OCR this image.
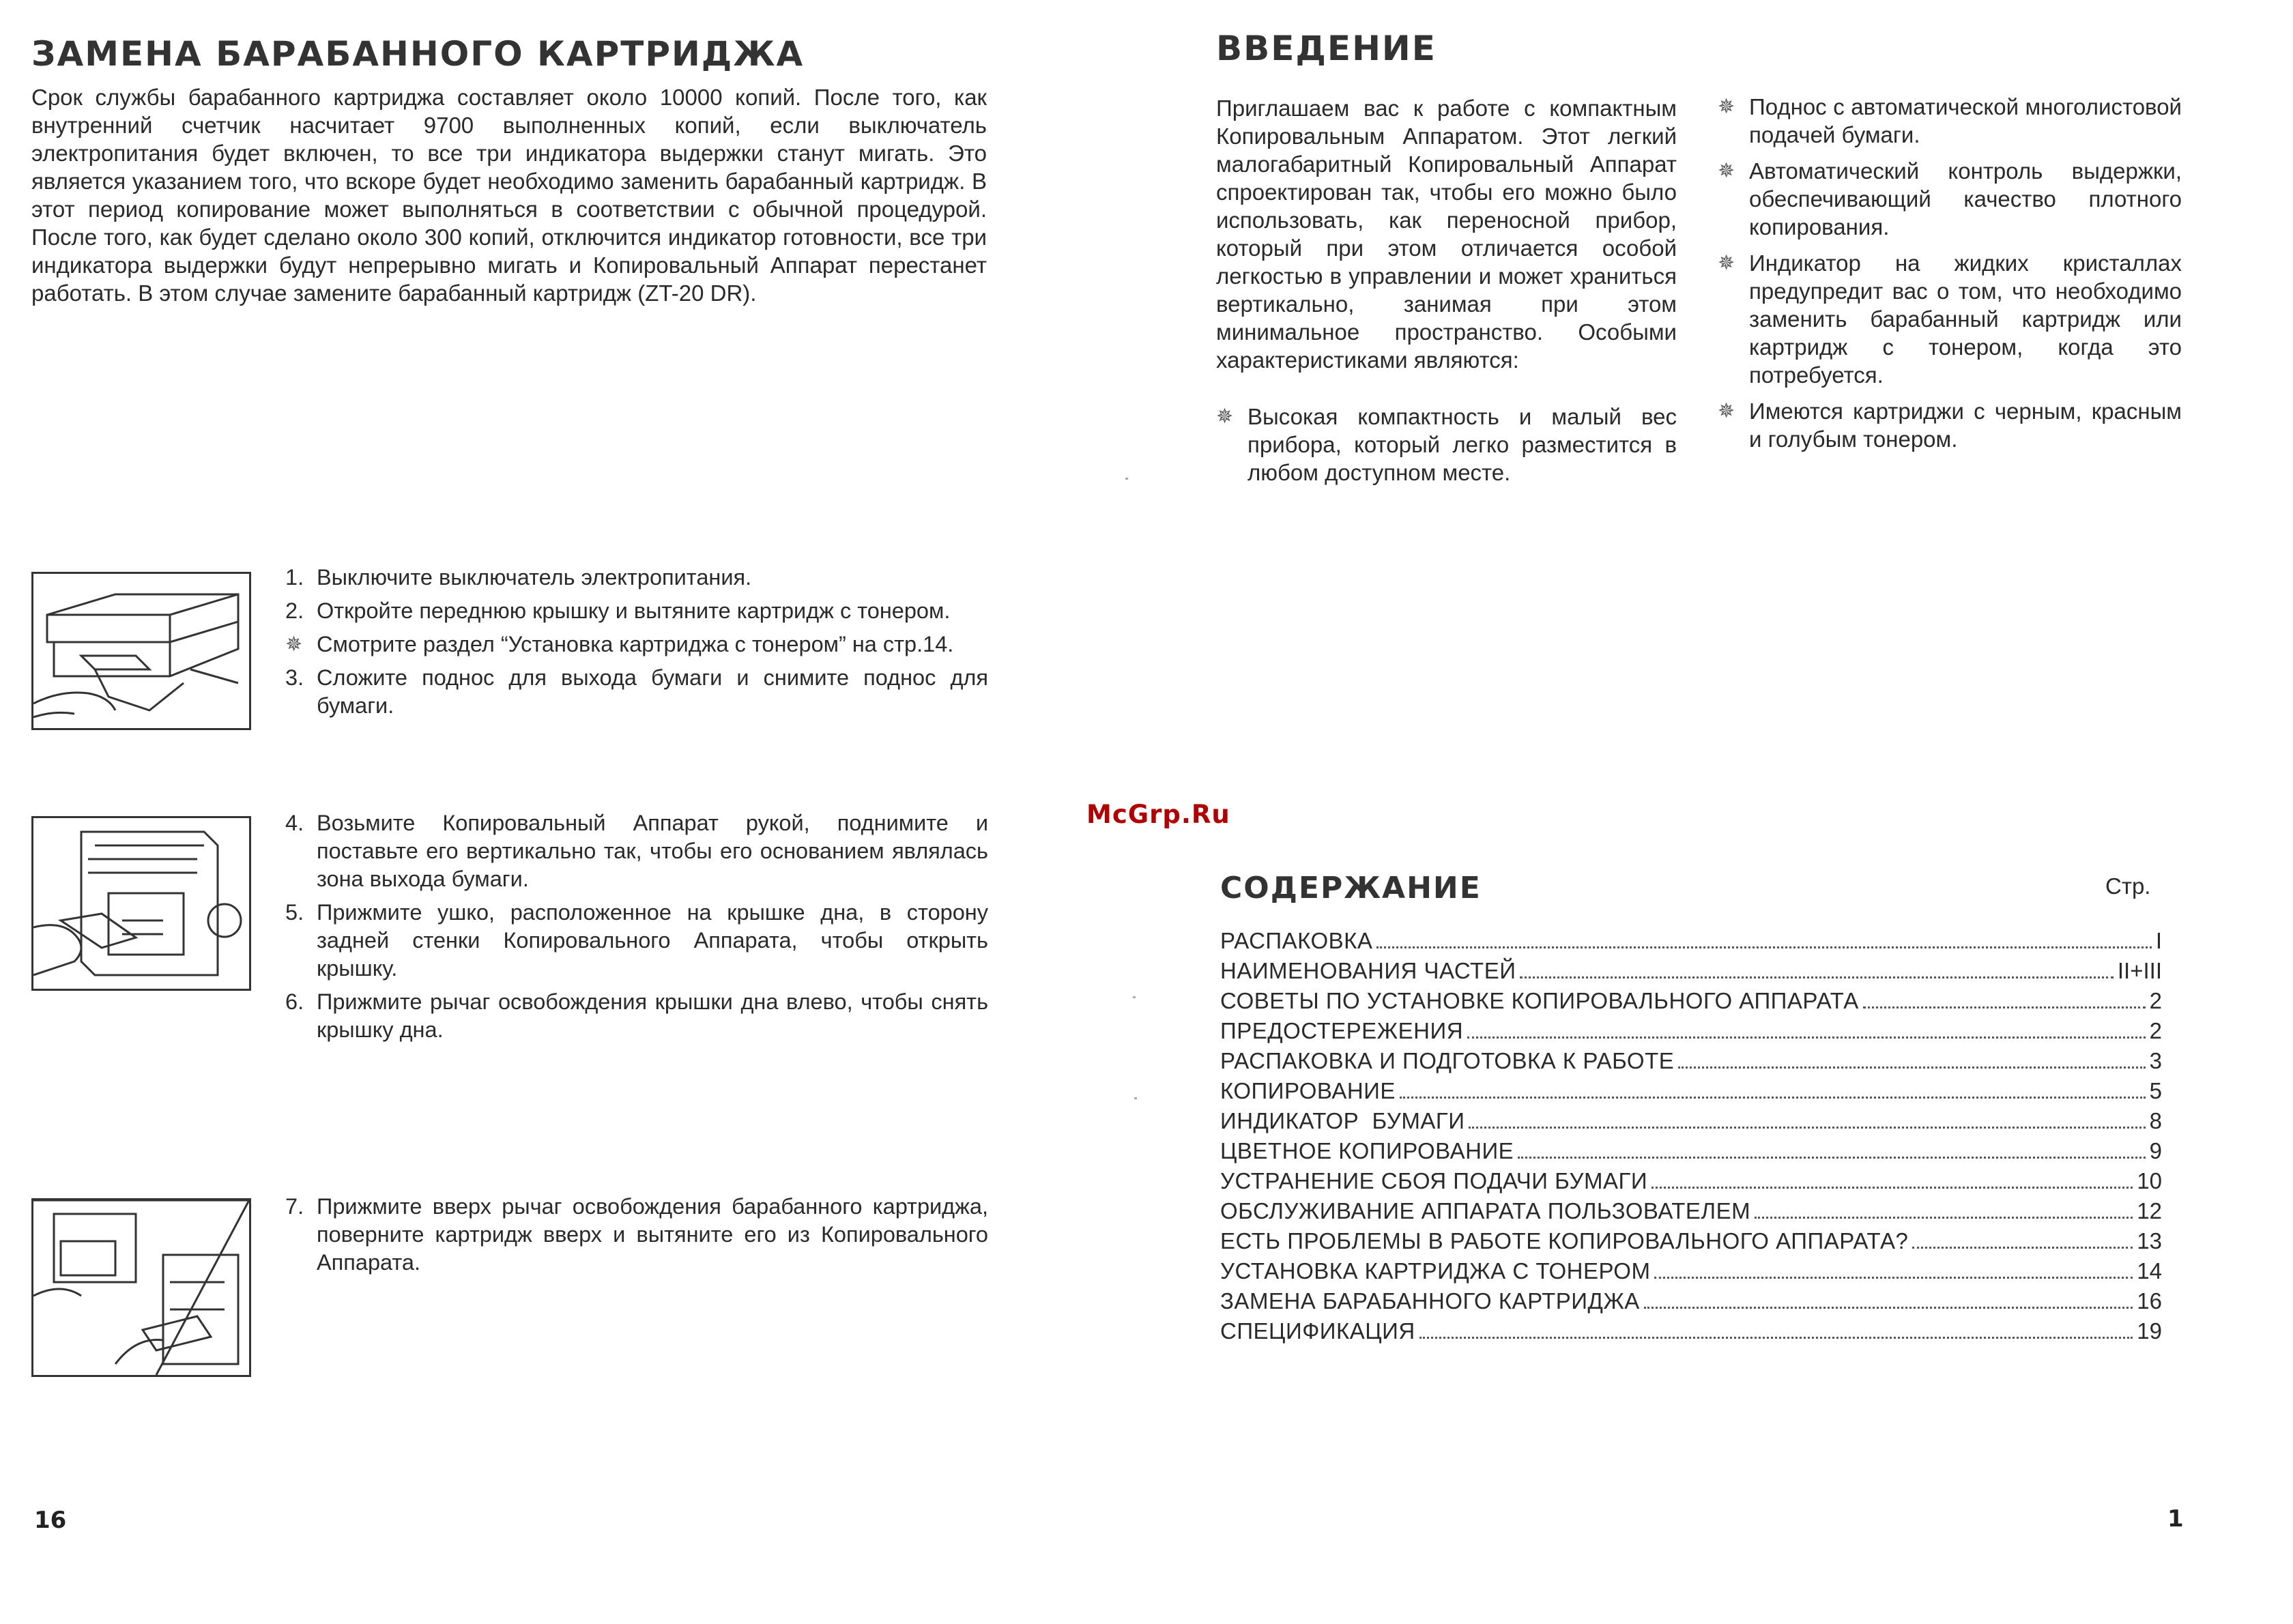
ЗАМЕНА БАРАБАННОГО КАРТРИДЖА

Срок службы барабанного картриджа составляет около 10000 копий. После того, как внутренний счетчик насчитает 9700 выполненных копий, если выключатель электропитания будет включен, то все три индикатора выдержки станут мигать. Это является указанием того, что вскоре будет необходимо заменить барабанный картридж. В этот период копирование может выполняться в соответствии с обычной процедурой. После того, как будет сделано около 300 копий, отключится индикатор готовности, все три индикатора выдержки будут непрерывно мигать и Копировальный Аппарат перестанет работать. В этом случае замените барабанный картридж (ZT-20 DR).

1. Выключите выключатель электропитания.
2. Откройте переднюю крышку и вытяните картридж с тонером.
✵ Смотрите раздел “Установка картриджа с тонером” на стр.14.
3. Сложите поднос для выхода бумаги и снимите поднос для бумаги.
4. Возьмите Копировальный Аппарат рукой, поднимите и поставьте его вертикально так, чтобы его основанием являлась зона выхода бумаги.
5. Прижмите ушко, расположенное на крышке дна, в сторону задней стенки Копировального Аппарата, чтобы открыть крышку.
6. Прижмите рычаг освобождения крышки дна влево, чтобы снять крышку дна.
7. Прижмите вверх рычаг освобождения барабанного картриджа, поверните картридж вверх и вытяните его из Копировального Аппарата.
16
McGrp.Ru
ВВЕДЕНИЕ

Приглашаем вас к работе с компактным Копировальным Аппаратом. Этот легкий малогабаритный Копировальный Аппарат спроектирован так, чтобы его можно было использовать, как переносной прибор, который при этом отличается особой легкостью в управлении и может храниться вертикально, занимая при этом минимальное пространство. Особыми характеристиками являются:

✵ Высокая компактность и малый вес прибора, который легко разместится в любом доступном месте.
✵ Поднос с автоматической многолистовой подачей бумаги.
✵ Автоматический контроль выдержки, обеспечивающий качество плотного копирования.
✵ Индикатор на жидких кристаллах предупредит вас о том, что необходимо заменить барабанный картридж или картридж с тонером, когда это потребуется.
✵ Имеются картриджи с черным, красным и голубым тонером.
СОДЕРЖАНИЕ	Стр.
РАСПАКОВКА	I
НАИМЕНОВАНИЯ ЧАСТЕЙ	II+III
СОВЕТЫ ПО УСТАНОВКЕ КОПИРОВАЛЬНОГО АППАРАТА	2
ПРЕДОСТЕРЕЖЕНИЯ	2
РАСПАКОВКА И ПОДГОТОВКА К РАБОТЕ	3
КОПИРОВАНИЕ	5
ИНДИКАТОР  БУМАГИ	8
ЦВЕТНОЕ КОПИРОВАНИЕ	9
УСТРАНЕНИЕ СБОЯ ПОДАЧИ БУМАГИ	10
ОБСЛУЖИВАНИЕ АППАРАТА ПОЛЬЗОВАТЕЛЕМ	12
ЕСТЬ ПРОБЛЕМЫ В РАБОТЕ КОПИРОВАЛЬНОГО АППАРАТА?	13
УСТАНОВКА КАРТРИДЖА С ТОНЕРОМ	14
ЗАМЕНА БАРАБАННОГО КАРТРИДЖА	16
СПЕЦИФИКАЦИЯ	19
1
